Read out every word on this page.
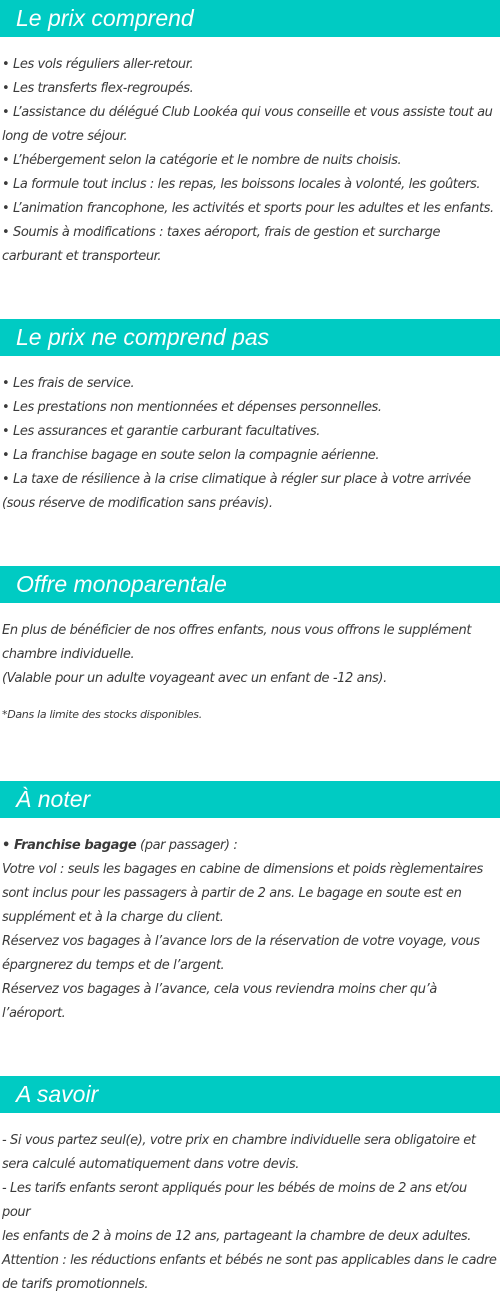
Le prix comprend
• Les vols réguliers aller-retour.
• Les transferts flex-regroupés.
• L’assistance du délégué Club Lookéa qui vous conseille et vous assiste tout au
long de votre séjour.
• L’hébergement selon la catégorie et le nombre de nuits choisis.
• La formule tout inclus : les repas, les boissons locales à volonté, les goûters.
• L’animation francophone, les activités et sports pour les adultes et les enfants.
• Soumis à modifications : taxes aéroport, frais de gestion et surcharge
carburant et transporteur.
Le prix ne comprend pas
• Les frais de service.
• Les prestations non mentionnées et dépenses personnelles.
• Les assurances et garantie carburant facultatives.
• La franchise bagage en soute selon la compagnie aérienne.
• La taxe de résilience à la crise climatique à régler sur place à votre arrivée
(sous réserve de modification sans préavis).
Offre monoparentale
En plus de bénéficier de nos offres enfants, nous vous offrons le supplément
chambre individuelle.
(Valable pour un adulte voyageant avec un enfant de -12 ans).
*Dans la limite des stocks disponibles.
À noter
• Franchise bagage (par passager) :
Votre vol : seuls les bagages en cabine de dimensions et poids règlementaires
sont inclus pour les passagers à partir de 2 ans. Le bagage en soute est en
supplément et à la charge du client.
Réservez vos bagages à l’avance lors de la réservation de votre voyage, vous
épargnerez du temps et de l’argent.
Réservez vos bagages à l’avance, cela vous reviendra moins cher qu’à
l’aéroport.
A savoir
- Si vous partez seul(e), votre prix en chambre individuelle sera obligatoire et
sera calculé automatiquement dans votre devis.
- Les tarifs enfants seront appliqués pour les bébés de moins de 2 ans et/ou pour
les enfants de 2 à moins de 12 ans, partageant la chambre de deux adultes.
Attention : les réductions enfants et bébés ne sont pas applicables dans le cadre
de tarifs promotionnels.
